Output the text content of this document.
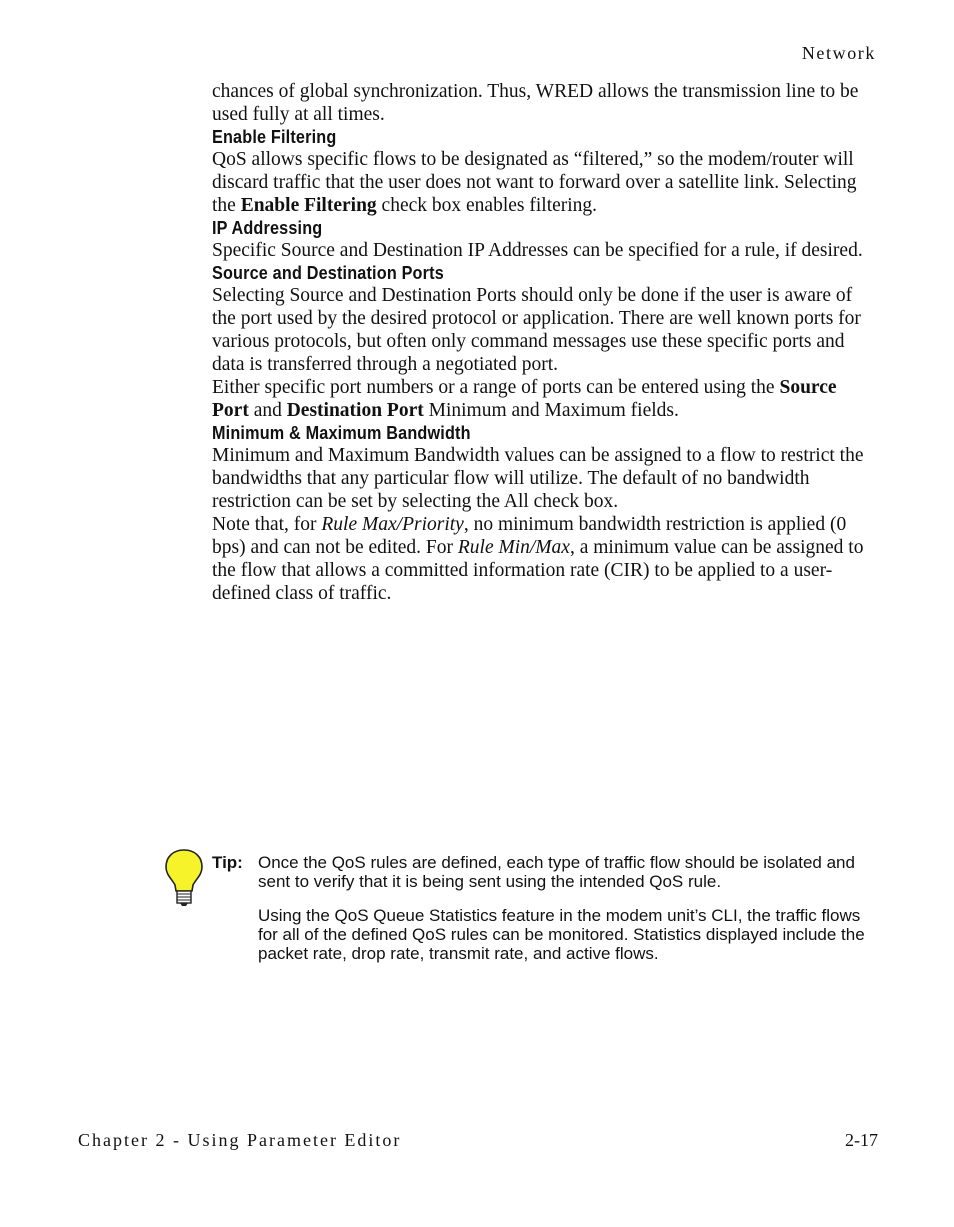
Network

chances of global synchronization. Thus, WRED allows the transmission line to be used fully at all times.

Enable Filtering

QoS allows specific flows to be designated as “filtered,” so the modem/router will discard traffic that the user does not want to forward over a satellite link. Selecting the Enable Filtering check box enables filtering.

IP Addressing

Specific Source and Destination IP Addresses can be specified for a rule, if desired.

Source and Destination Ports

Selecting Source and Destination Ports should only be done if the user is aware of the port used by the desired protocol or application. There are well known ports for various protocols, but often only command messages use these specific ports and data is transferred through a negotiated port.

Either specific port numbers or a range of ports can be entered using the Source Port and Destination Port Minimum and Maximum fields.

Minimum & Maximum Bandwidth

Minimum and Maximum Bandwidth values can be assigned to a flow to restrict the bandwidths that any particular flow will utilize. The default of no bandwidth restriction can be set by selecting the All check box.

Note that, for Rule Max/Priority, no minimum bandwidth restriction is applied (0 bps) and can not be edited. For Rule Min/Max, a minimum value can be assigned to the flow that allows a committed information rate (CIR) to be applied to a user-defined class of traffic.

Tip: Once the QoS rules are defined, each type of traffic flow should be isolated and sent to verify that it is being sent using the intended QoS rule.

Using the QoS Queue Statistics feature in the modem unit’s CLI, the traffic flows for all of the defined QoS rules can be monitored. Statistics displayed include the packet rate, drop rate, transmit rate, and active flows.

Chapter 2 - Using Parameter Editor	2-17
